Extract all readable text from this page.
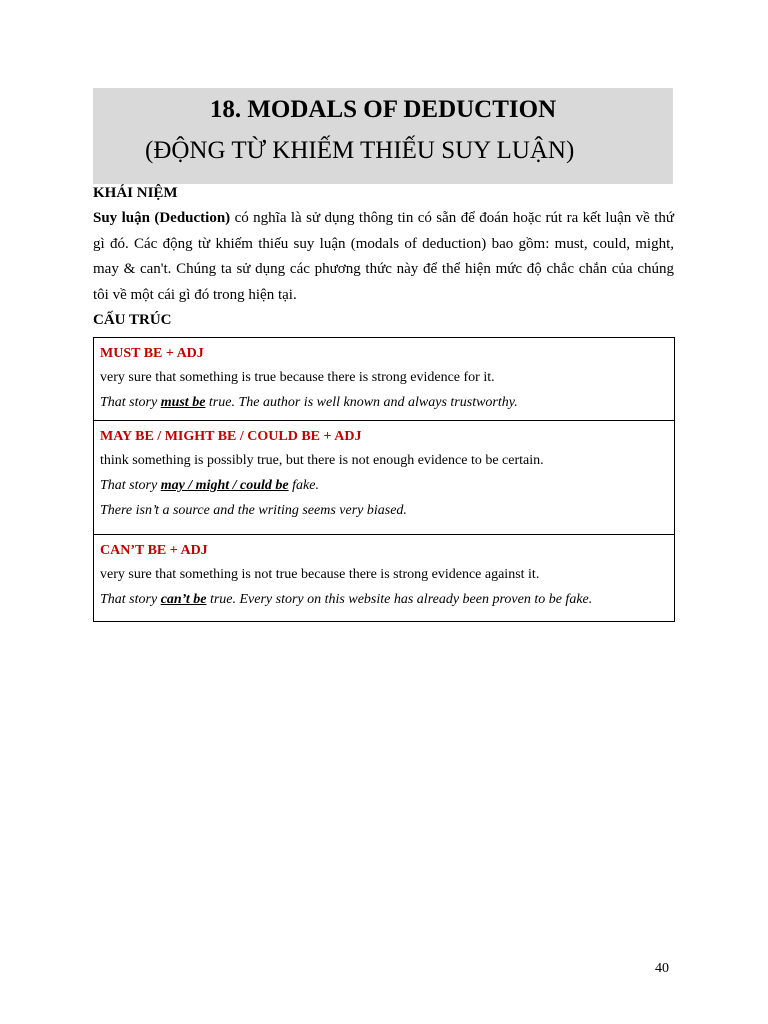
18. MODALS OF DEDUCTION
(ĐỘNG TỪ KHIẾM THIẾU SUY LUẬN)
KHÁI NIỆM
Suy luận (Deduction) có nghĩa là sử dụng thông tin có sẵn để đoán hoặc rút ra kết luận về thứ gì đó. Các động từ khiếm thiếu suy luận (modals of deduction) bao gồm: must, could, might, may & can't. Chúng ta sử dụng các phương thức này để thể hiện mức độ chắc chắn của chúng tôi về một cái gì đó trong hiện tại.
CẤU TRÚC
MUST BE + ADJ
very sure that something is true because there is strong evidence for it.
That story must be true. The author is well known and always trustworthy.
MAY BE / MIGHT BE / COULD BE + ADJ
think something is possibly true, but there is not enough evidence to be certain.
That story may / might / could be fake.
There isn’t a source and the writing seems very biased.
CAN’T BE + ADJ
very sure that something is not true because there is strong evidence against it.
That story can’t be true. Every story on this website has already been proven to be fake.
40
